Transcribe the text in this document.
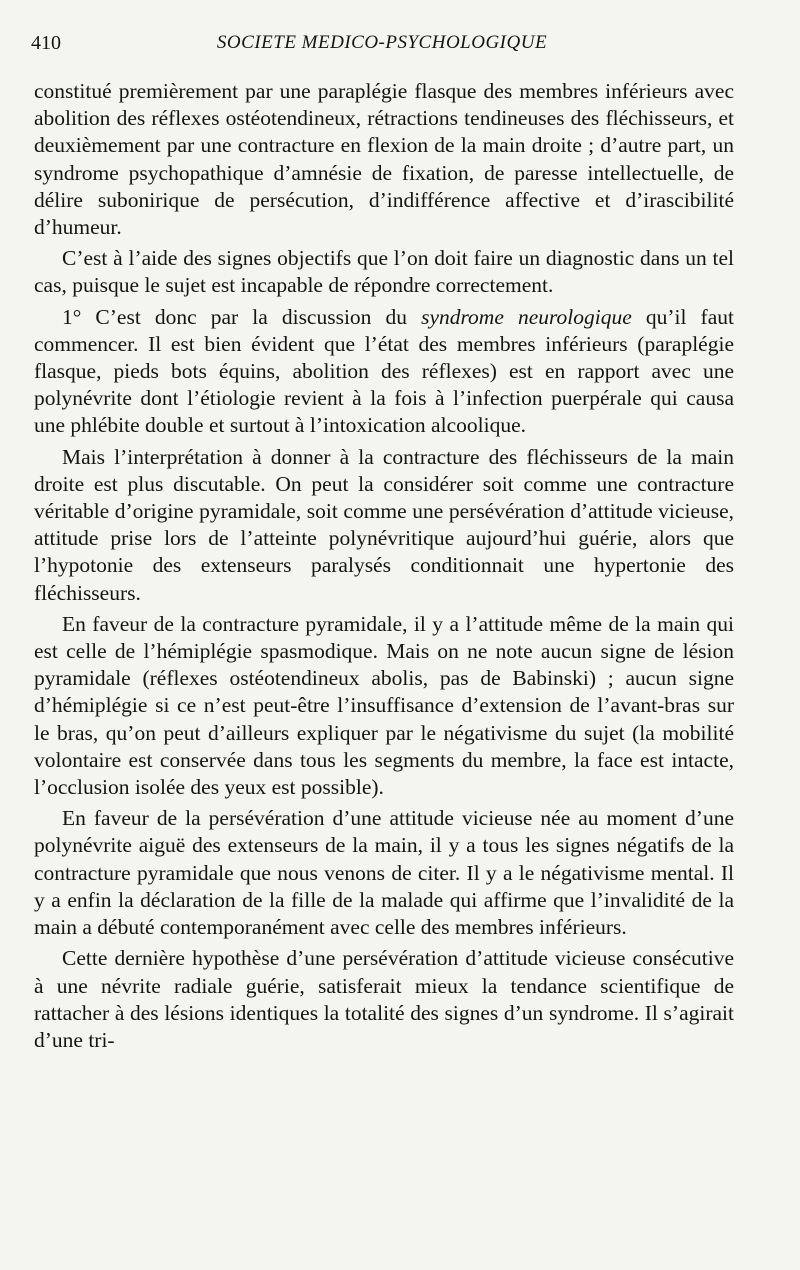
410	SOCIETE MEDICO-PSYCHOLOGIQUE

constitué premièrement par une paraplégie flasque des membres inférieurs avec abolition des réflexes ostéotendineux, rétractions tendineuses des fléchisseurs, et deuxièmement par une contracture en flexion de la main droite ; d’autre part, un syndrome psychopathique d’amnésie de fixation, de paresse intellectuelle, de délire subonirique de persécution, d’indifférence affective et d’irascibilité d’humeur.

C’est à l’aide des signes objectifs que l’on doit faire un diagnostic dans un tel cas, puisque le sujet est incapable de répondre correctement.

1° C’est donc par la discussion du syndrome neurologique qu’il faut commencer. Il est bien évident que l’état des membres inférieurs (paraplégie flasque, pieds bots équins, abolition des réflexes) est en rapport avec une polynévrite dont l’étiologie revient à la fois à l’infection puerpérale qui causa une phlébite double et surtout à l’intoxication alcoolique.

Mais l’interprétation à donner à la contracture des fléchisseurs de la main droite est plus discutable. On peut la considérer soit comme une contracture véritable d’origine pyramidale, soit comme une persévération d’attitude vicieuse, attitude prise lors de l’atteinte polynévritique aujourd’hui guérie, alors que l’hypotonie des extenseurs paralysés conditionnait une hypertonie des fléchisseurs.

En faveur de la contracture pyramidale, il y a l’attitude même de la main qui est celle de l’hémiplégie spasmodique. Mais on ne note aucun signe de lésion pyramidale (réflexes ostéotendineux abolis, pas de Babinski) ; aucun signe d’hémiplégie si ce n’est peut-être l’insuffisance d’extension de l’avant-bras sur le bras, qu’on peut d’ailleurs expliquer par le négativisme du sujet (la mobilité volontaire est conservée dans tous les segments du membre, la face est intacte, l’occlusion isolée des yeux est possible).

En faveur de la persévération d’une attitude vicieuse née au moment d’une polynévrite aiguë des extenseurs de la main, il y a tous les signes négatifs de la contracture pyramidale que nous venons de citer. Il y a le négativisme mental. Il y a enfin la déclaration de la fille de la malade qui affirme que l’invalidité de la main a débuté contemporanément avec celle des membres inférieurs.

Cette dernière hypothèse d’une persévération d’attitude vicieuse consécutive à une névrite radiale guérie, satisferait mieux la tendance scientifique de rattacher à des lésions identiques la totalité des signes d’un syndrome. Il s’agirait d’une tri-
